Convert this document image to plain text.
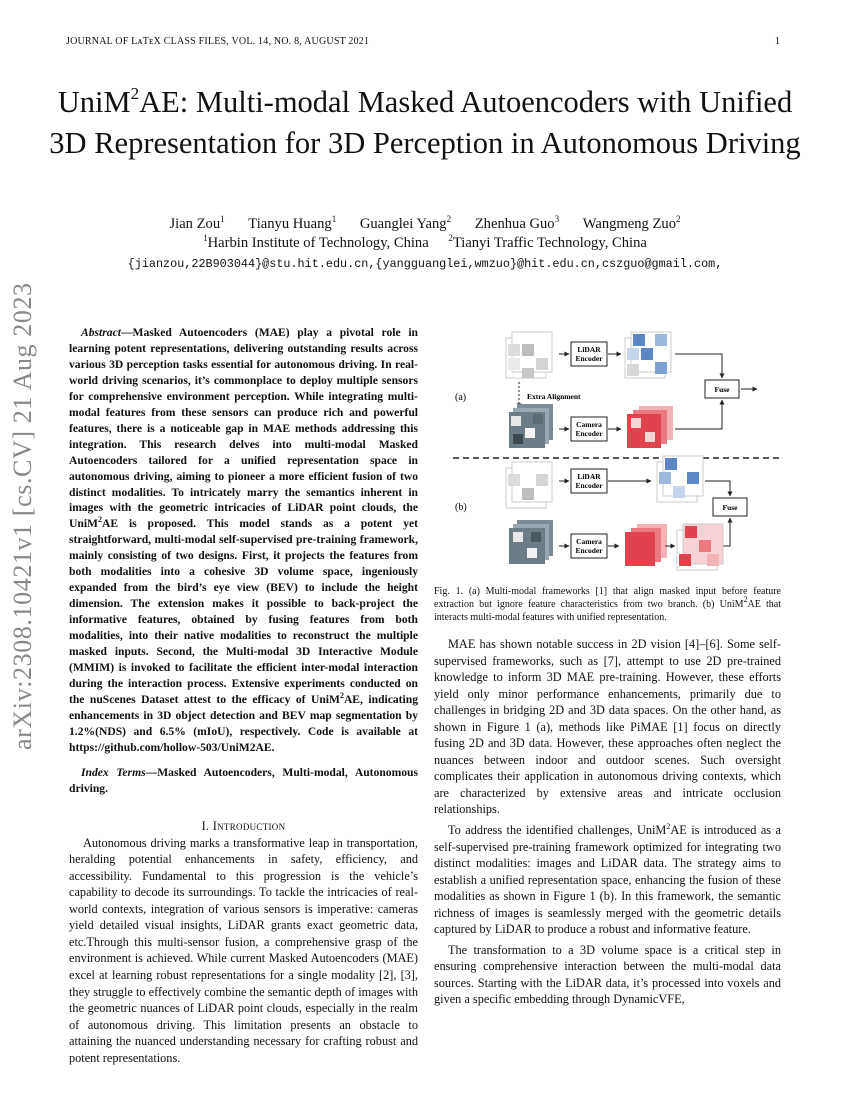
JOURNAL OF LᴀTᴇX CLASS FILES, VOL. 14, NO. 8, AUGUST 2021	1
UniM$^2$AE: Multi-modal Masked Autoencoders with Unified 3D Representation for 3D Perception in Autonomous Driving
Jian Zou$^1$ Tianyu Huang$^1$ Guanglei Yang$^2$ Zhenhua Guo$^3$ Wangmeng Zuo$^2$
$^1$Harbin Institute of Technology, China $^2$Tianyi Traffic Technology, China
{jianzou,22B903044}@stu.hit.edu.cn,{yangguanglei,wmzuo}@hit.edu.cn,cszguo@gmail.com,
arXiv:2308.10421v1 [cs.CV] 21 Aug 2023	Abstract—Masked Autoencoders (MAE) play a pivotal role in learning potent representations, delivering outstanding results across various 3D perception tasks essential for autonomous driving. In real-world driving scenarios, it’s commonplace to deploy multiple sensors for comprehensive environment perception. While integrating multi-modal features from these sensors can produce rich and powerful features, there is a noticeable gap in MAE methods addressing this integration. This research delves into multi-modal Masked Autoencoders tailored for a unified representation space in autonomous driving, aiming to pioneer a more efficient fusion of two distinct modalities. To intricately marry the semantics inherent in images with the geometric intricacies of LiDAR point clouds, the UniM$^2$AE is proposed. This model stands as a potent yet straightforward, multi-modal self-supervised pre-training framework, mainly consisting of two designs. First, it projects the features from both modalities into a cohesive 3D volume space, ingeniously expanded from the bird’s eye view (BEV) to include the height dimension. The extension makes it possible to back-project the informative features, obtained by fusing features from both modalities, into their native modalities to reconstruct the multiple masked inputs. Second, the Multi-modal 3D Interactive Module (MMIM) is invoked to facilitate the efficient inter-modal interaction during the interaction process. Extensive experiments conducted on the nuScenes Dataset attest to the efficacy of UniM$^2$AE, indicating enhancements in 3D object detection and BEV map segmentation by 1.2%(NDS) and 6.5% (mIoU), respectively. Code is available at https://github.com/hollow-503/UniM2AE.
Index Terms—Masked Autoencoders, Multi-modal, Autonomous driving.
I. Introduction

Autonomous driving marks a transformative leap in transportation, heralding potential enhancements in safety, efficiency, and accessibility. Fundamental to this progression is the vehicle’s capability to decode its surroundings. To tackle the intricacies of real-world contexts, integration of various sensors is imperative: cameras yield detailed visual insights, LiDAR grants exact geometric data, etc.Through this multi-sensor fusion, a comprehensive grasp of the environment is achieved. While current Masked Autoencoders (MAE) excel at learning robust representations for a single modality [2], [3], they struggle to effectively combine the semantic depth of images with the geometric nuances of LiDAR point clouds, especially in the realm of autonomous driving. This limitation presents an obstacle to attaining the nuanced understanding necessary for crafting robust and potent representations.

(a)
(b)
LiDAR Encoder
Extra Alignment
Fuse
Camera Encoder
LiDAR Encoder
Fuse
Camera Encoder
Fig. 1. (a) Multi-modal frameworks [1] that align masked input before feature extraction but ignore feature characteristics from two branch. (b) UniM$^2$AE that interacts multi-modal features with unified representation.

MAE has shown notable success in 2D vision [4]–[6]. Some self-supervised frameworks, such as [7], attempt to use 2D pre-trained knowledge to inform 3D MAE pre-training. However, these efforts yield only minor performance enhancements, primarily due to challenges in bridging 2D and 3D data spaces. On the other hand, as shown in Figure 1 (a), methods like PiMAE [1] focus on directly fusing 2D and 3D data. However, these approaches often neglect the nuances between indoor and outdoor scenes. Such oversight complicates their application in autonomous driving contexts, which are characterized by extensive areas and intricate occlusion relationships.

To address the identified challenges, UniM$^2$AE is introduced as a self-supervised pre-training framework optimized for integrating two distinct modalities: images and LiDAR data. The strategy aims to establish a unified representation space, enhancing the fusion of these modalities as shown in Figure 1 (b). In this framework, the semantic richness of images is seamlessly merged with the geometric details captured by LiDAR to produce a robust and informative feature.

The transformation to a 3D volume space is a critical step in ensuring comprehensive interaction between the multi-modal data sources. Starting with the LiDAR data, it’s processed into voxels and given a specific embedding through DynamicVFE,
